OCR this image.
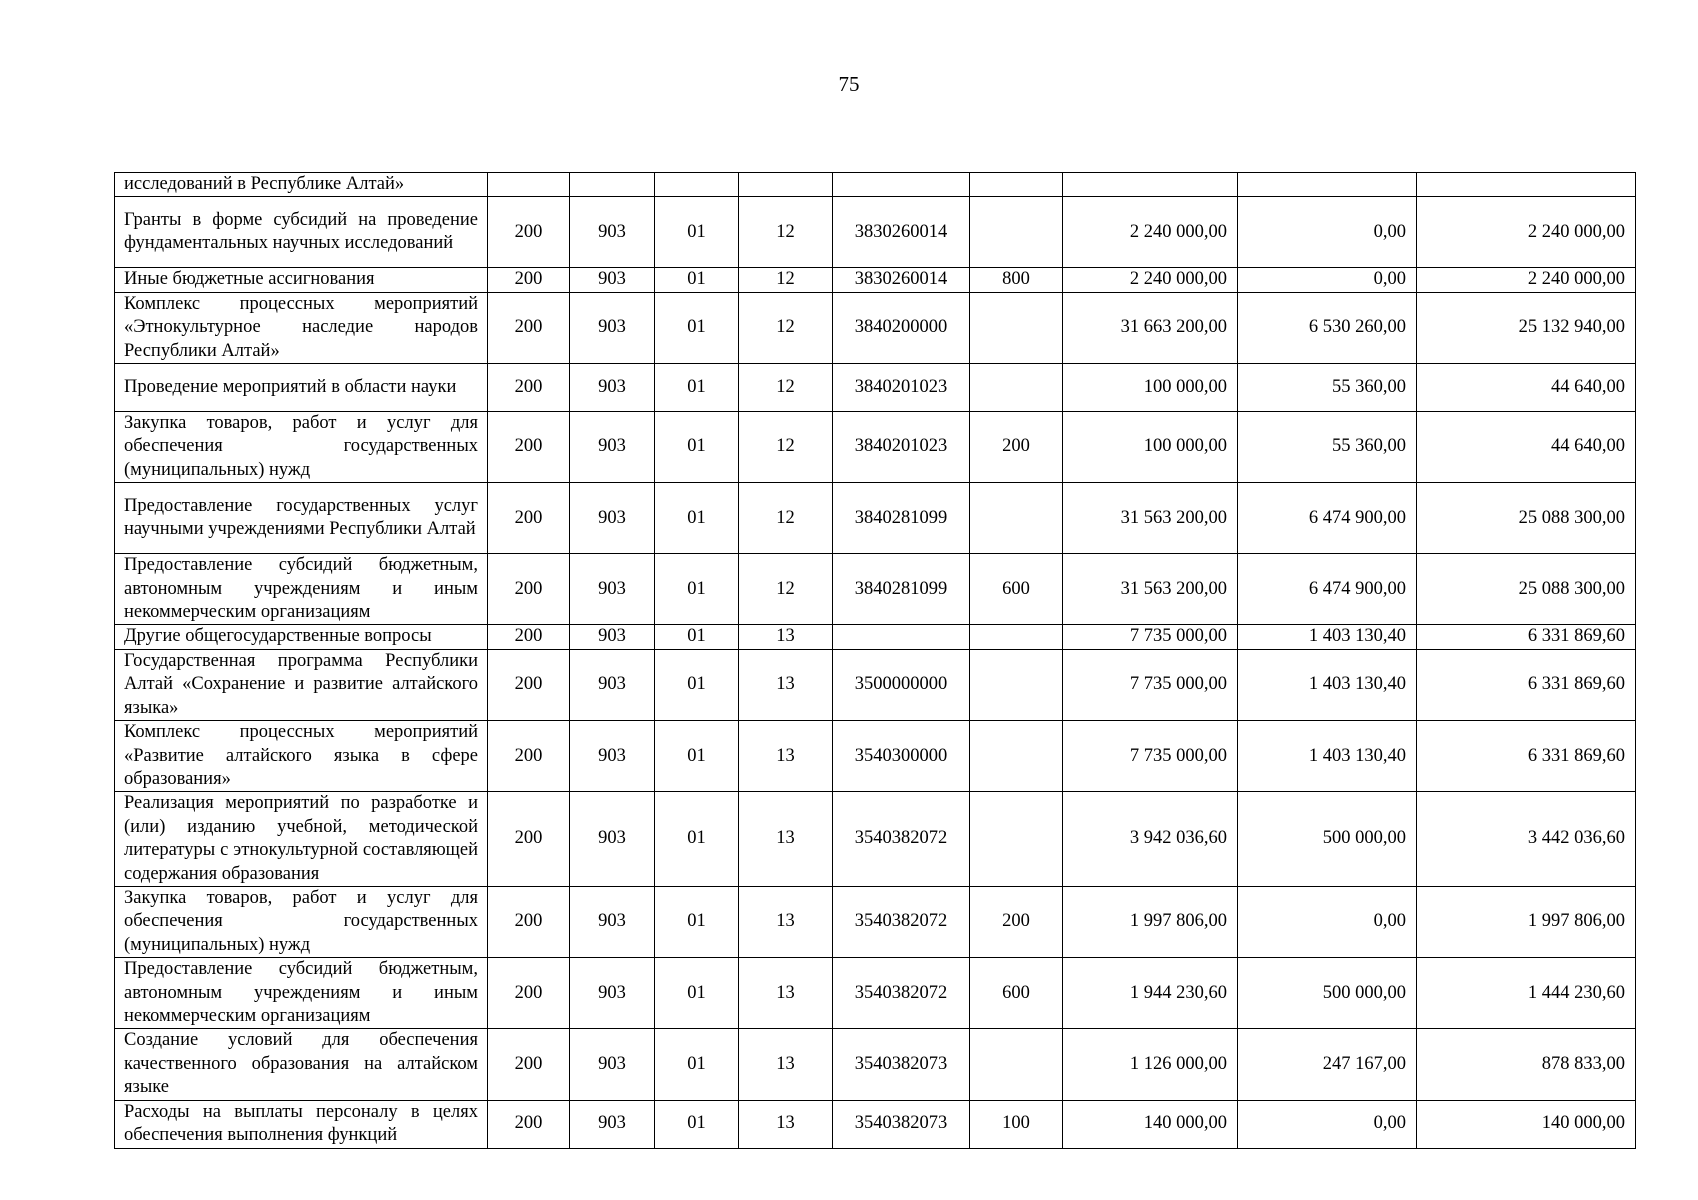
75
исследований в Республике Алтай»									
Гранты в форме субсидий на проведение фундаментальных научных исследований	200	903	01	12	3830260014		2 240 000,00	0,00	2 240 000,00
Иные бюджетные ассигнования	200	903	01	12	3830260014	800	2 240 000,00	0,00	2 240 000,00
Комплекс процессных мероприятий «Этнокультурное наследие народов Республики Алтай»	200	903	01	12	3840200000		31 663 200,00	6 530 260,00	25 132 940,00
Проведение мероприятий в области науки	200	903	01	12	3840201023		100 000,00	55 360,00	44 640,00
Закупка товаров, работ и услуг для обеспечения государственных (муниципальных) нужд	200	903	01	12	3840201023	200	100 000,00	55 360,00	44 640,00
Предоставление государственных услуг научными учреждениями Республики Алтай	200	903	01	12	3840281099		31 563 200,00	6 474 900,00	25 088 300,00
Предоставление субсидий бюджетным, автономным учреждениям и иным некоммерческим организациям	200	903	01	12	3840281099	600	31 563 200,00	6 474 900,00	25 088 300,00
Другие общегосударственные вопросы	200	903	01	13			7 735 000,00	1 403 130,40	6 331 869,60
Государственная программа Республики Алтай «Сохранение и развитие алтайского языка»	200	903	01	13	3500000000		7 735 000,00	1 403 130,40	6 331 869,60
Комплекс процессных мероприятий «Развитие алтайского языка в сфере образования»	200	903	01	13	3540300000		7 735 000,00	1 403 130,40	6 331 869,60
Реализация мероприятий по разработке и (или) изданию учебной, методической литературы с этнокультурной составляющей содержания образования	200	903	01	13	3540382072		3 942 036,60	500 000,00	3 442 036,60
Закупка товаров, работ и услуг для обеспечения государственных (муниципальных) нужд	200	903	01	13	3540382072	200	1 997 806,00	0,00	1 997 806,00
Предоставление субсидий бюджетным, автономным учреждениям и иным некоммерческим организациям	200	903	01	13	3540382072	600	1 944 230,60	500 000,00	1 444 230,60
Создание условий для обеспечения качественного образования на алтайском языке	200	903	01	13	3540382073		1 126 000,00	247 167,00	878 833,00
Расходы на выплаты персоналу в целях обеспечения выполнения функций	200	903	01	13	3540382073	100	140 000,00	0,00	140 000,00
